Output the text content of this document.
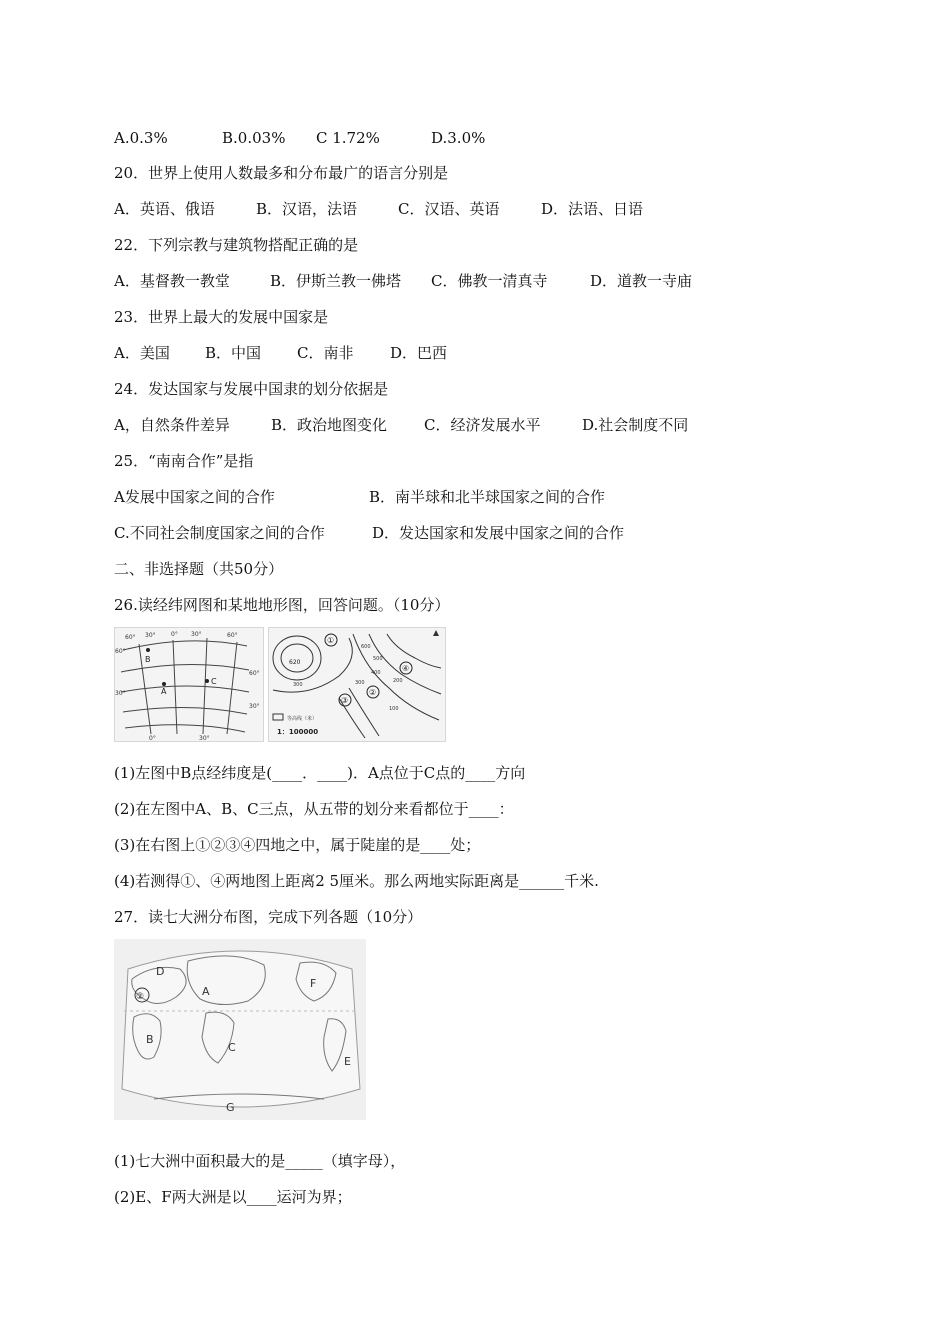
A.0.3%	B.0.03% C 1.72%	D.3.0%
20．世界上使用人数最多和分布最广的语言分别是
A．英语、俄语	B．汉语，法语	C．汉语、英语	D．法语、日语
22．下列宗教与建筑物搭配正确的是
A．基督教一教堂	B．伊斯兰教一佛塔 C．佛教一清真寺	D．道教一寺庙
23．世界上最大的发展中国家是
A．美国 B．中国 C．南非 D．巴西
24．发达国家与发展中国隶的划分依据是
A，自然条件差异	B．政治地图变化 C．经济发展水平	D.社会制度不同
25．“南南合作”是指
A发展中国家之间的合作	B．南半球和北半球国家之间的合作
C.不同社会制度国家之间的合作	D．发达国家和发展中国家之间的合作
二、非选择题（共50分）
26.读经纬网图和某地地形图，回答问题。（10分）
B
A
C
60° 30°	0° 30°	60°
60°
30°
60°
30°
0°	30°
①
②
③
④
600
500
300
400
200
100
300
620
等高线（米）
1：100000
(1)左图中B点经纬度是(____．____)．A点位于C点的____方向
(2)在左图中A、B、C三点，从五带的划分来看都位于____：
(3)在右图上①②③④四地之中，属于陡崖的是____处；
(4)若测得①、④两地图上距离2 5厘米。那么两地实际距离是______千米.
27．读七大洲分布图，完成下列各题（10分）
D
A
F
②
B
C
E
G
(1)七大洲中面积最大的是_____（填字母），
(2)E、F两大洲是以____运河为界；
